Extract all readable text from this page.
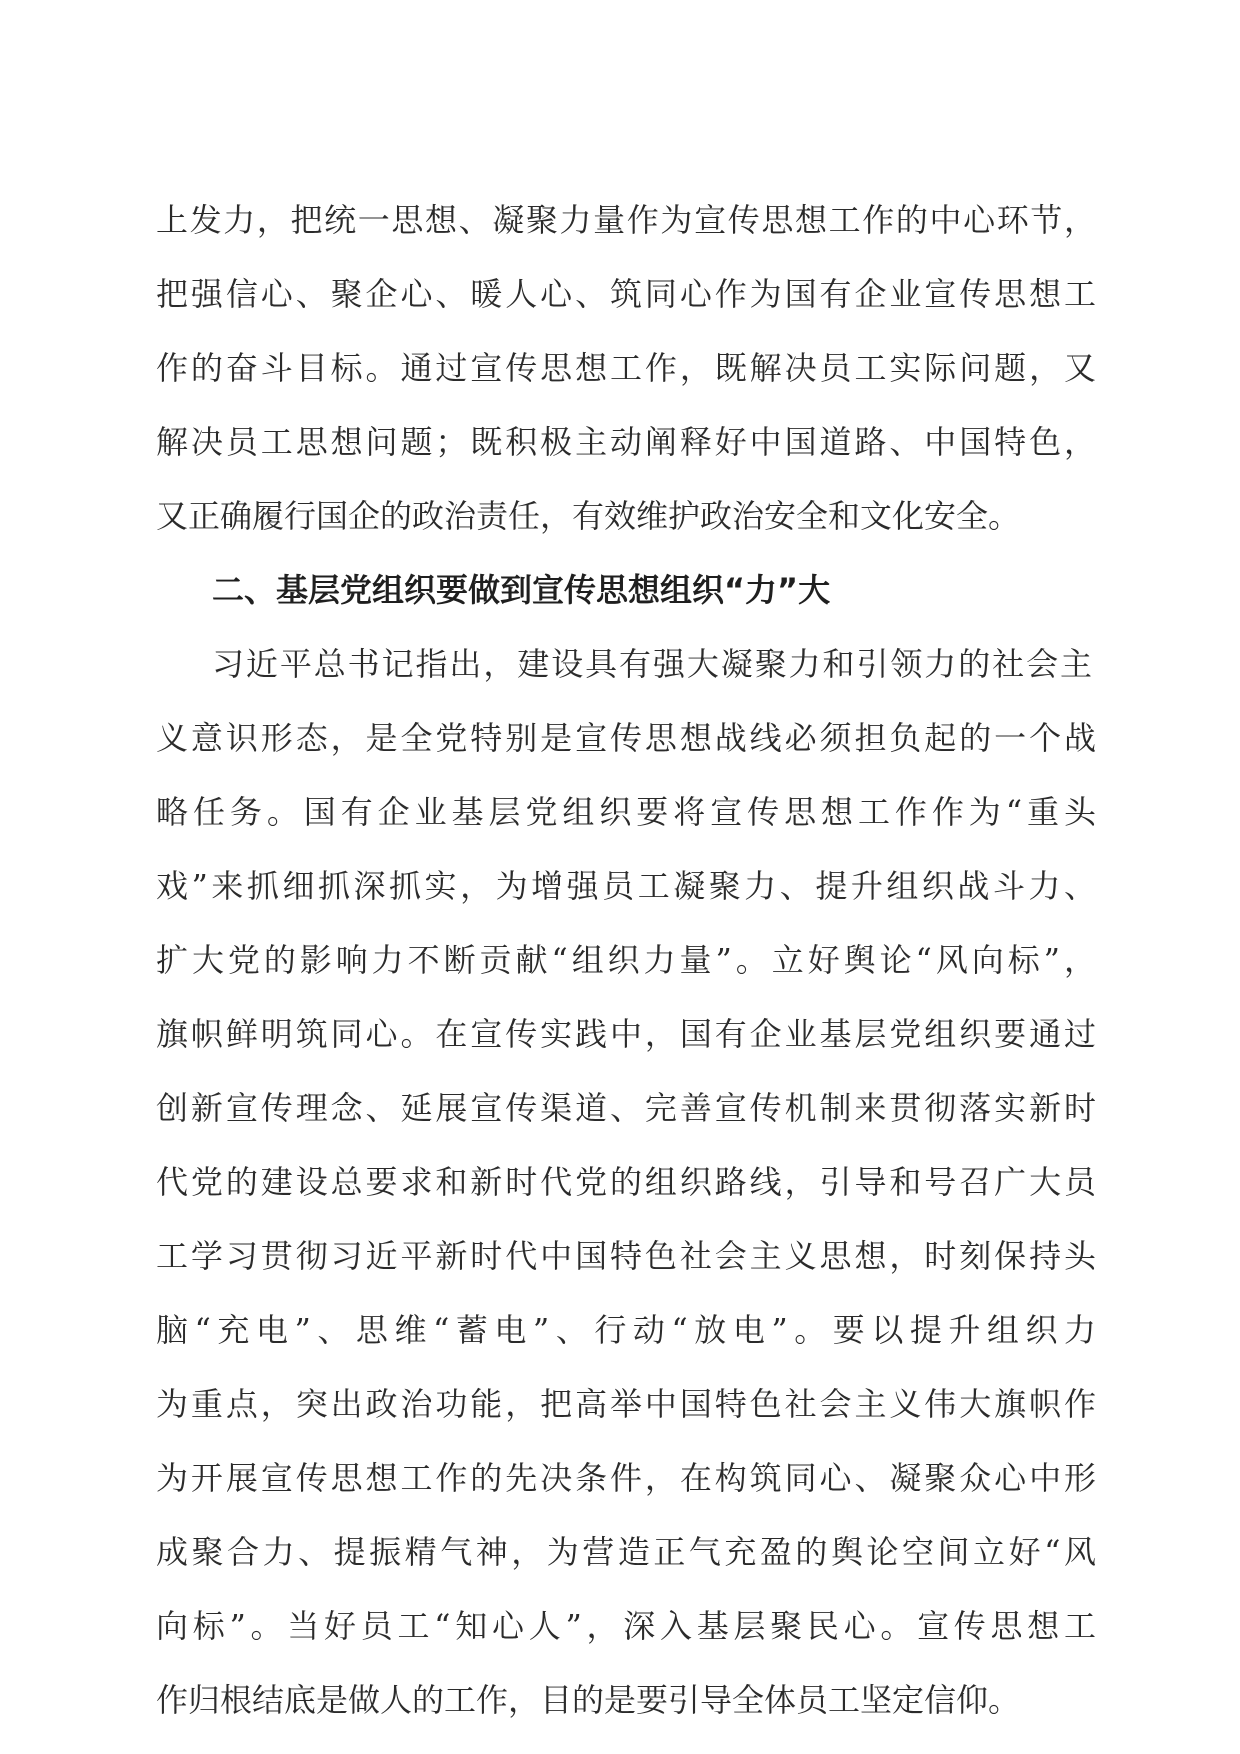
上发力，把统一思想、凝聚力量作为宣传思想工作的中心环节，
把强信心、聚企心、暖人心、筑同心作为国有企业宣传思想工
作的奋斗目标。通过宣传思想工作，既解决员工实际问题，又
解决员工思想问题；既积极主动阐释好中国道路、中国特色，
又正确履行国企的政治责任，有效维护政治安全和文化安全。
二、基层党组织要做到宣传思想组织“力”大
习近平总书记指出，建设具有强大凝聚力和引领力的社会主
义意识形态，是全党特别是宣传思想战线必须担负起的一个战
略任务。国有企业基层党组织要将宣传思想工作作为“重头
戏”来抓细抓深抓实，为增强员工凝聚力、提升组织战斗力、
扩大党的影响力不断贡献“组织力量”。立好舆论“风向标”，
旗帜鲜明筑同心。在宣传实践中，国有企业基层党组织要通过
创新宣传理念、延展宣传渠道、完善宣传机制来贯彻落实新时
代党的建设总要求和新时代党的组织路线，引导和号召广大员
工学习贯彻习近平新时代中国特色社会主义思想，时刻保持头
脑“充电”、思维“蓄电”、行动“放电”。要以提升组织力
为重点，突出政治功能，把高举中国特色社会主义伟大旗帜作
为开展宣传思想工作的先决条件，在构筑同心、凝聚众心中形
成聚合力、提振精气神，为营造正气充盈的舆论空间立好“风
向标”。当好员工“知心人”，深入基层聚民心。宣传思想工
作归根结底是做人的工作，目的是要引导全体员工坚定信仰。
